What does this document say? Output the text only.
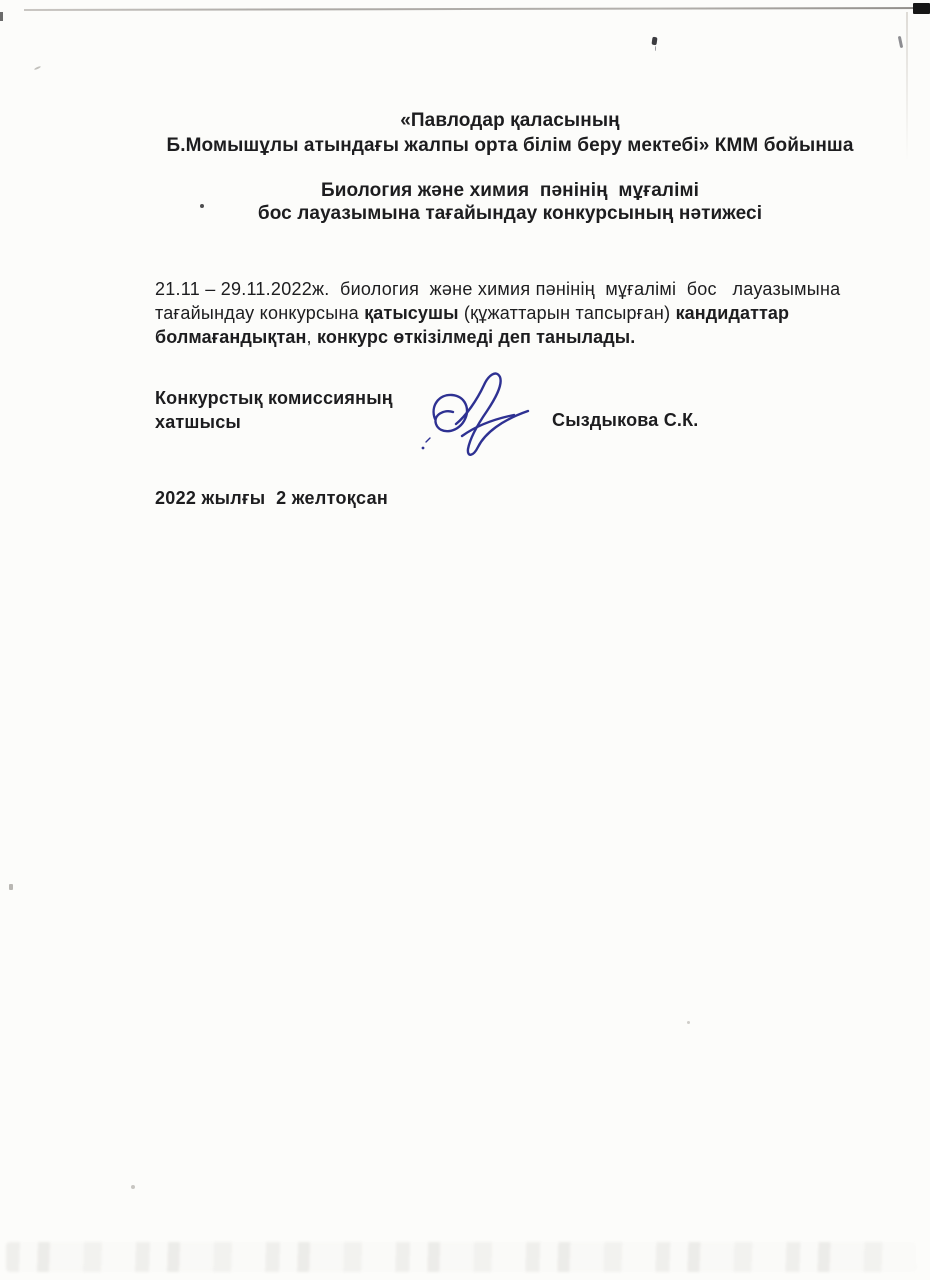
«Павлодар қаласының
Б.Момышұлы атындағы жалпы орта білім беру мектебі» КММ бойынша
Биология және химия  пәнінің  мұғалімі
бос лауазымына тағайындау конкурсының нәтижесі

21.11 – 29.11.2022ж.  биология  және химия пәнінің  мұғалімі  бос   лауазымына
тағайындау конкурсына қатысушы (құжаттарын тапсырған) кандидаттар
болмағандықтан, конкурс өткізілмеді деп танылады.

Конкурстық комиссияның
хатшысы	Сыздыкова С.К.
2022 жылғы  2 желтоқсан
